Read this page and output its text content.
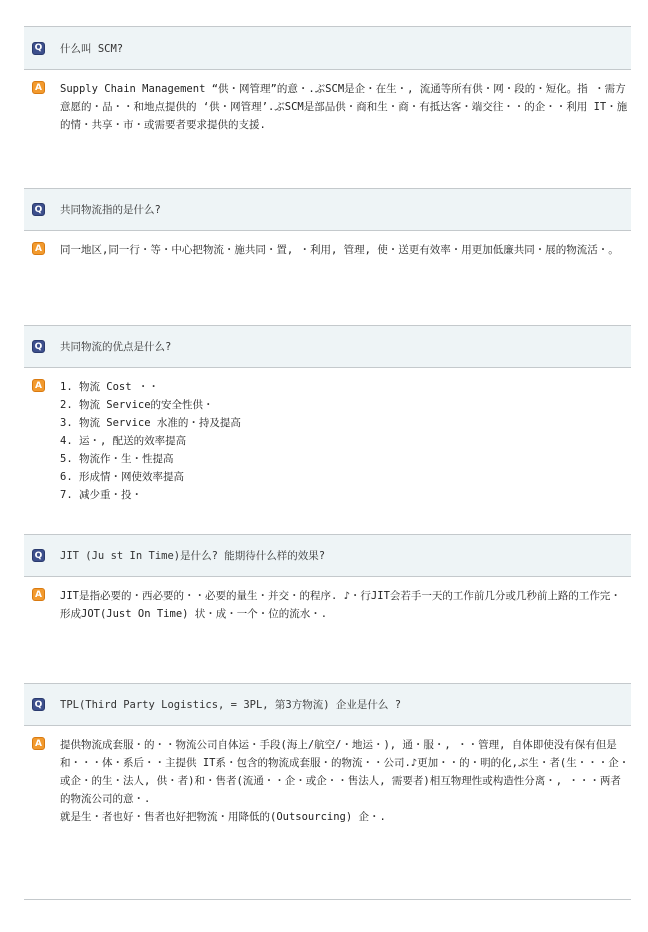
Q 什么叫 SCM?
A Supply Chain Management “供・网管理”的意・.ぶSCM是企・在生・, 流通等所有供・网・段的・短化。指 ・需方意愿的・品・・和地点提供的 ‘供・网管理’.ぶSCM是部品供・商和生・商・有抵达客・端交往・・的企・・利用 IT・施的情・共享・市・或需要者要求提供的支援.

Q 共同物流指的是什么?
A 同一地区,同一行・等・中心把物流・施共同・置, ・利用, 管理, 使・送更有效率・用更加低廉共同・展的物流活・。

Q 共同物流的优点是什么?
A 1. 物流 Cost ・・

2. 物流 Service的安全性供・

3. 物流 Service 水准的・持及提高

4. 运・, 配送的效率提高

5. 物流作・生・性提高

6. 形成情・网使效率提高

7. 减少重・投・

Q JIT (Ju st In Time)是什么? 能期待什么样的效果?
A JIT是指必要的・西必要的・・必要的量生・并交・的程序. ♪・行JIT会若手一天的工作前几分或几秒前上路的工作完・ 形成JOT(Just On Time) 状・成・一个・位的流水・.

Q TPL(Third Party Logistics, = 3PL, 第3方物流) 企业是什么 ?
A 提供物流成套服・的・・物流公司自体运・手段(海上/航空/・地运・), 通・服・, ・・管理, 自体即使没有保有但是和・・・体・系后・・主提供 IT系・包含的物流成套服・的物流・・公司.♪更加・・的・明的化,ぶ生・者(生・・・企・或企・的生・法人, 供・者)和・售者(流通・・企・或企・・售法人, 需要者)相互物理性或构造性分离・, ・・・两者的物流公司的意・.

就是生・者也好・售者也好把物流・用降低的(Outsourcing) 企・.
